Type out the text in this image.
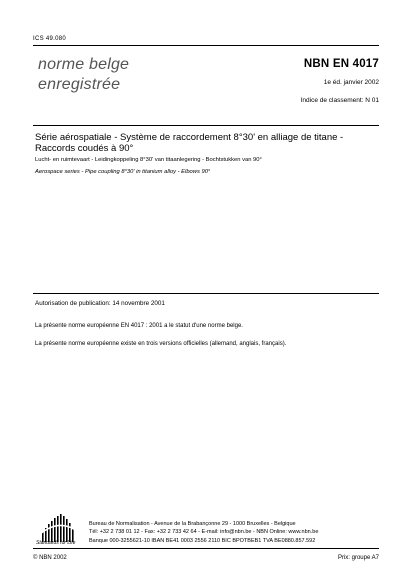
ICS 49.080
norme belge
enregistrée
NBN EN 4017
1e éd. janvier 2002
Indice de classement: N 01
Série aérospatiale - Système de raccordement 8°30' en alliage de titane -
Raccords coudés à 90°
Lucht- en ruimtevaart - Leidingkoppeling 8°30' van titaanlegering - Bochtstukken van 90°
Aerospace series - Pipe coupling 8°30' in titanium alloy - Elbows 90°
Autorisation de publication: 14 novembre 2001
La présente norme européenne EN 4017 : 2001 a le statut d'une norme belge.
La présente norme européenne existe en trois versions officielles (allemand, anglais, français).
Standards for Life
Bureau de Normalisation - Avenue de la Brabançonne 29 - 1000 Bruxelles - Belgique
Tél: +32 2 738 01 12 - Fax: +32 2 733 42 64 - E-mail: info@nbn.be - NBN Online: www.nbn.be
Banque 000-3255621-10 IBAN BE41 0003 2556 2110 BIC BPOTBEB1 TVA BE0880.857.592
© NBN 2002	Prix: groupe A7
